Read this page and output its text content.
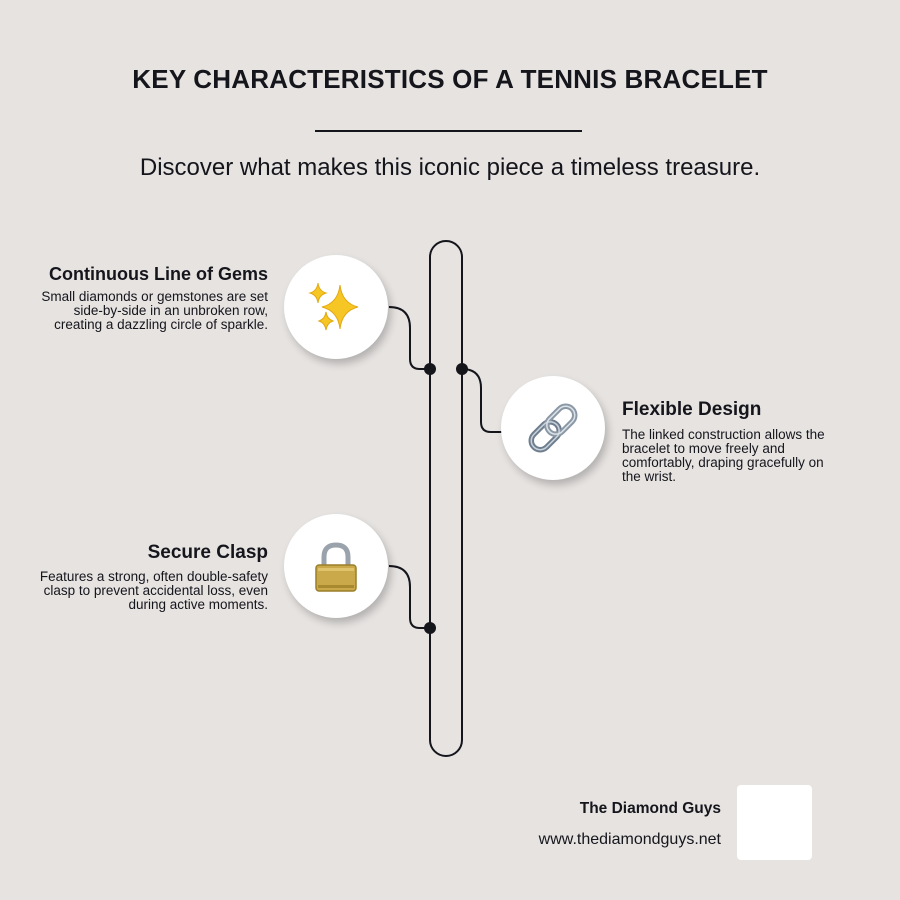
KEY CHARACTERISTICS OF A TENNIS BRACELET

Discover what makes this iconic piece a timeless treasure.

Continuous Line of Gems

Small diamonds or gemstones are set side-by-side in an unbroken row, creating a dazzling circle of sparkle.

Flexible Design

The linked construction allows the bracelet to move freely and comfortably, draping gracefully on the wrist.

Secure Clasp

Features a strong, often double-safety clasp to prevent accidental loss, even during active moments.

The Diamond Guys
www.thediamondguys.net
